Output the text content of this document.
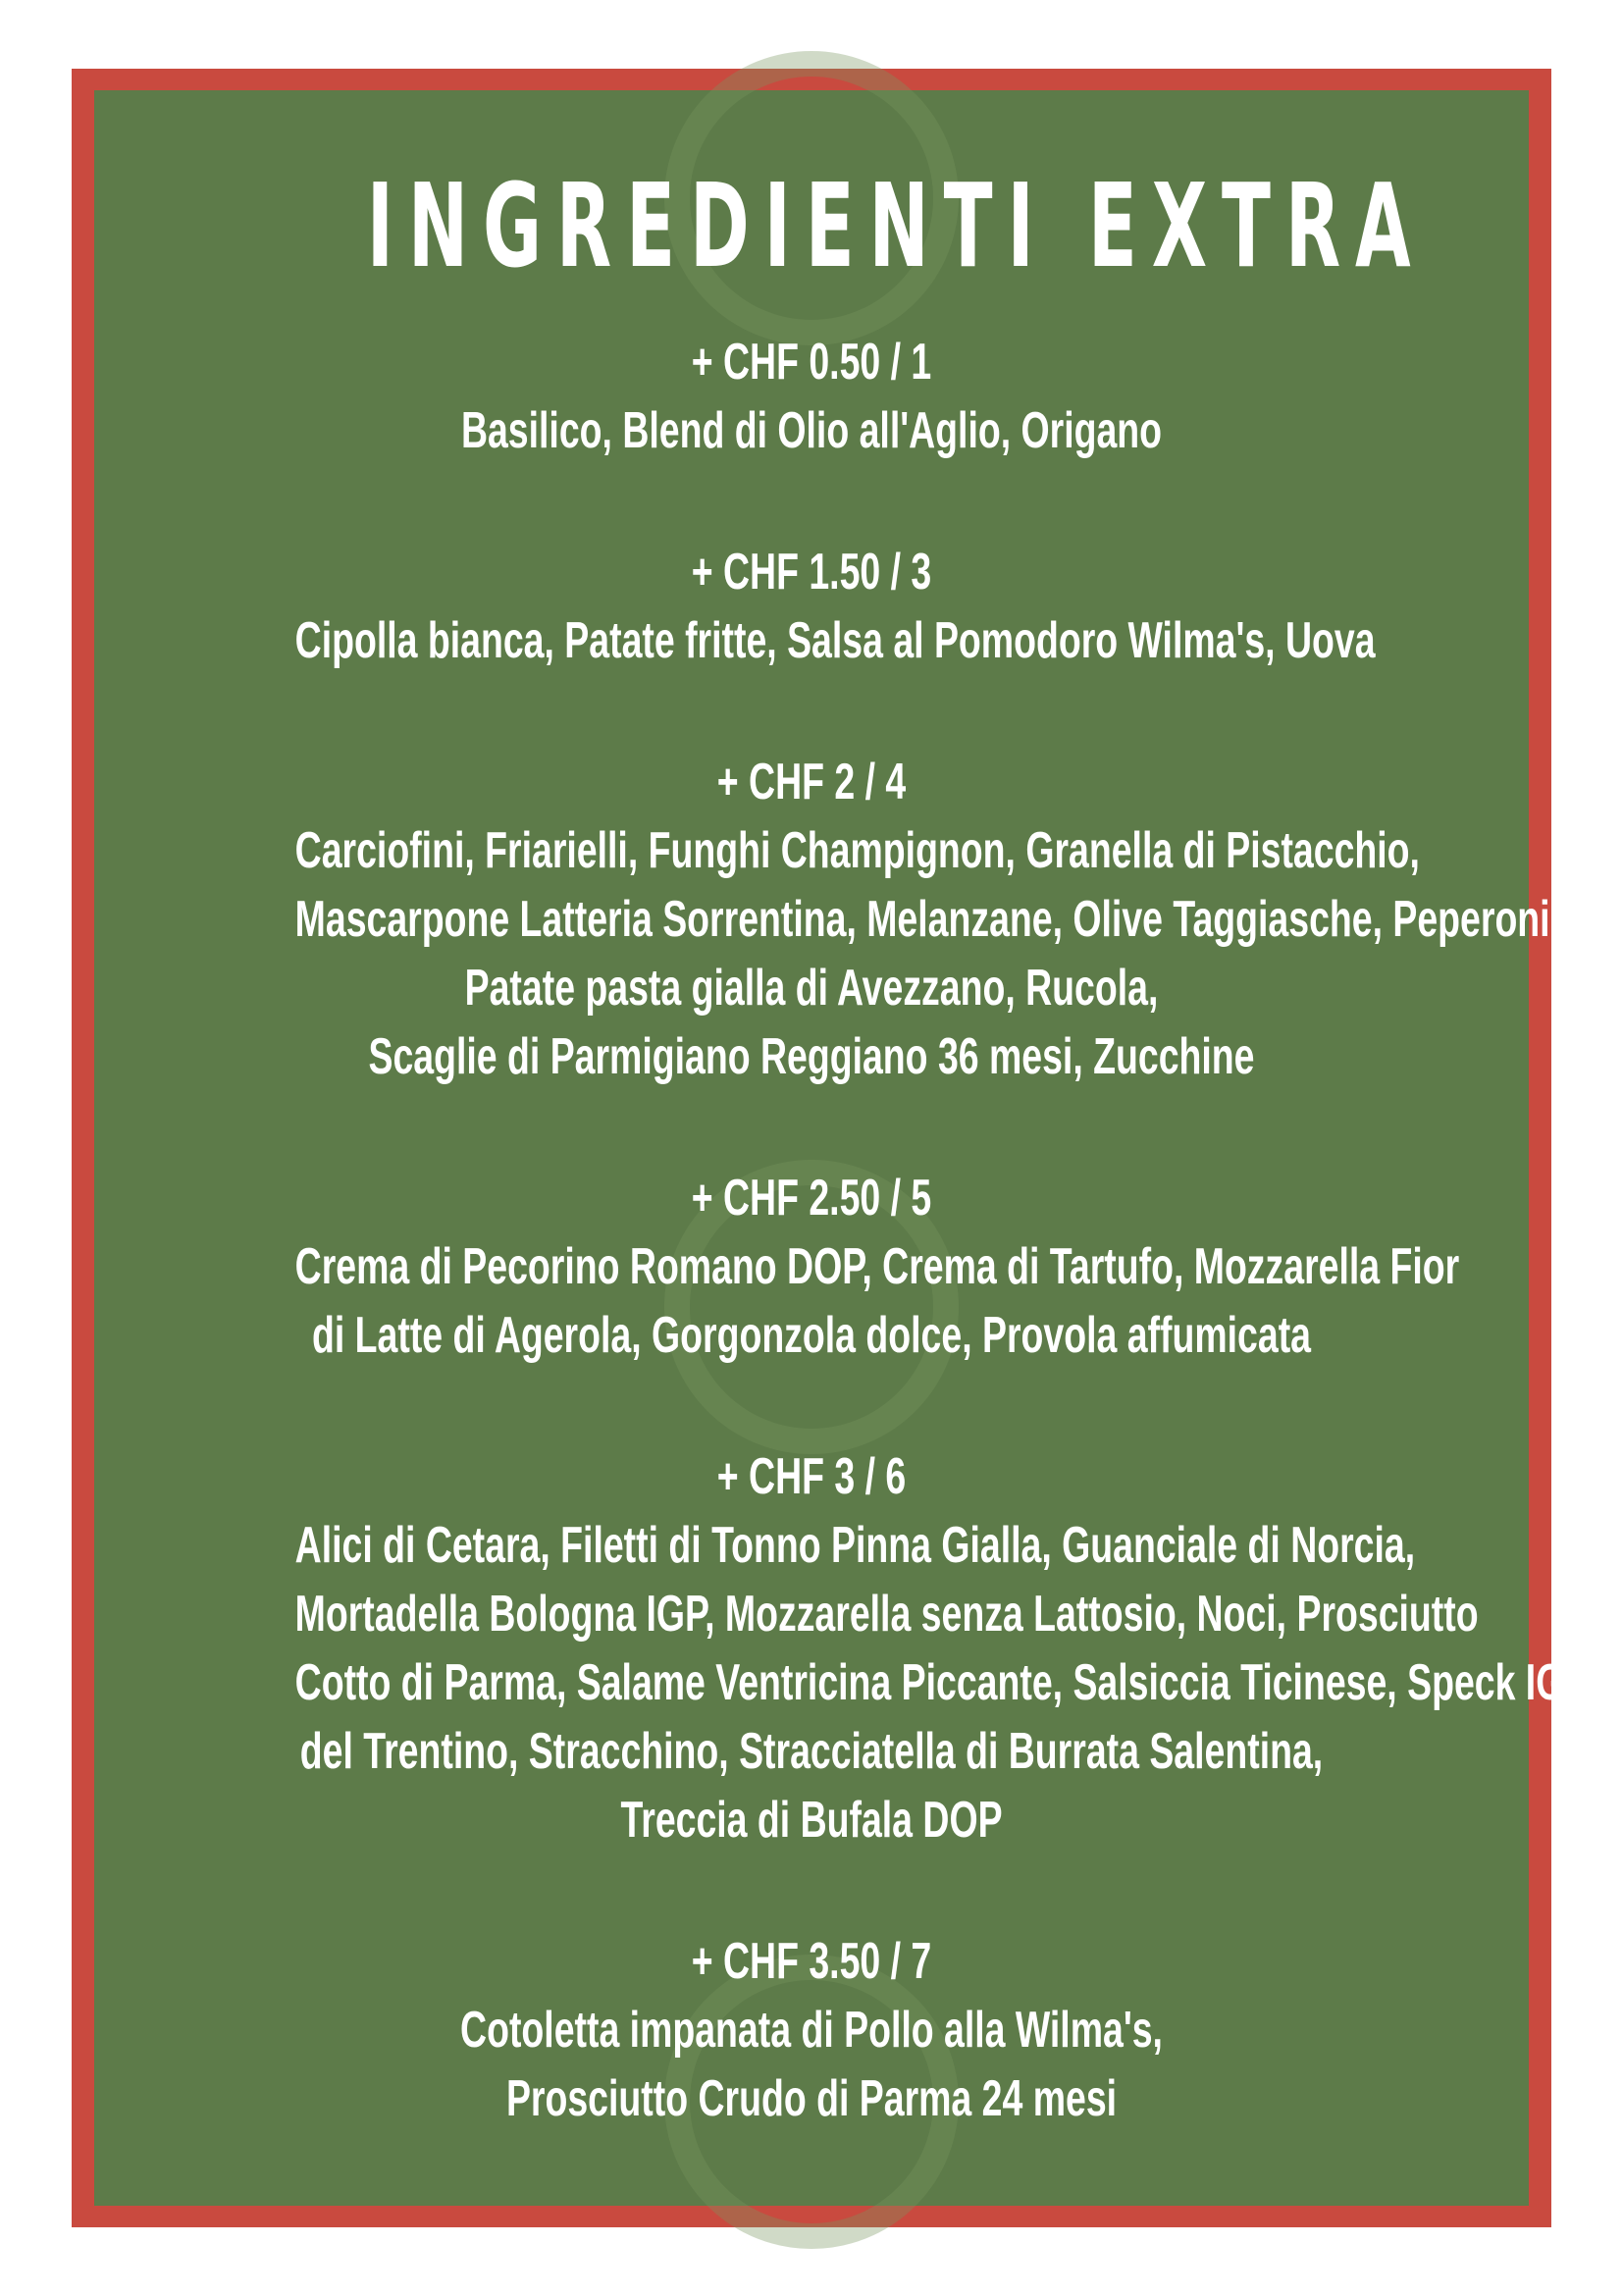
INGREDIENTI EXTRA
+ CHF 0.50 / 1
Basilico, Blend di Olio all'Aglio, Origano
+ CHF 1.50 / 3
Cipolla bianca, Patate fritte, Salsa al Pomodoro Wilma's, Uova
+ CHF 2 / 4
Carciofini, Friarielli, Funghi Champignon, Granella di Pistacchio,
Mascarpone Latteria Sorrentina, Melanzane, Olive Taggiasche, Peperoni,
Patate pasta gialla di Avezzano, Rucola,
Scaglie di Parmigiano Reggiano 36 mesi, Zucchine
+ CHF 2.50 / 5
Crema di Pecorino Romano DOP, Crema di Tartufo, Mozzarella Fior
di Latte di Agerola, Gorgonzola dolce, Provola affumicata
+ CHF 3 / 6
Alici di Cetara, Filetti di Tonno Pinna Gialla, Guanciale di Norcia,
Mortadella Bologna IGP, Mozzarella senza Lattosio, Noci, Prosciutto
Cotto di Parma, Salame Ventricina Piccante, Salsiccia Ticinese, Speck IGP
del Trentino, Stracchino, Stracciatella di Burrata Salentina,
Treccia di Bufala DOP
+ CHF 3.50 / 7
Cotoletta impanata di Pollo alla Wilma's,
Prosciutto Crudo di Parma 24 mesi
